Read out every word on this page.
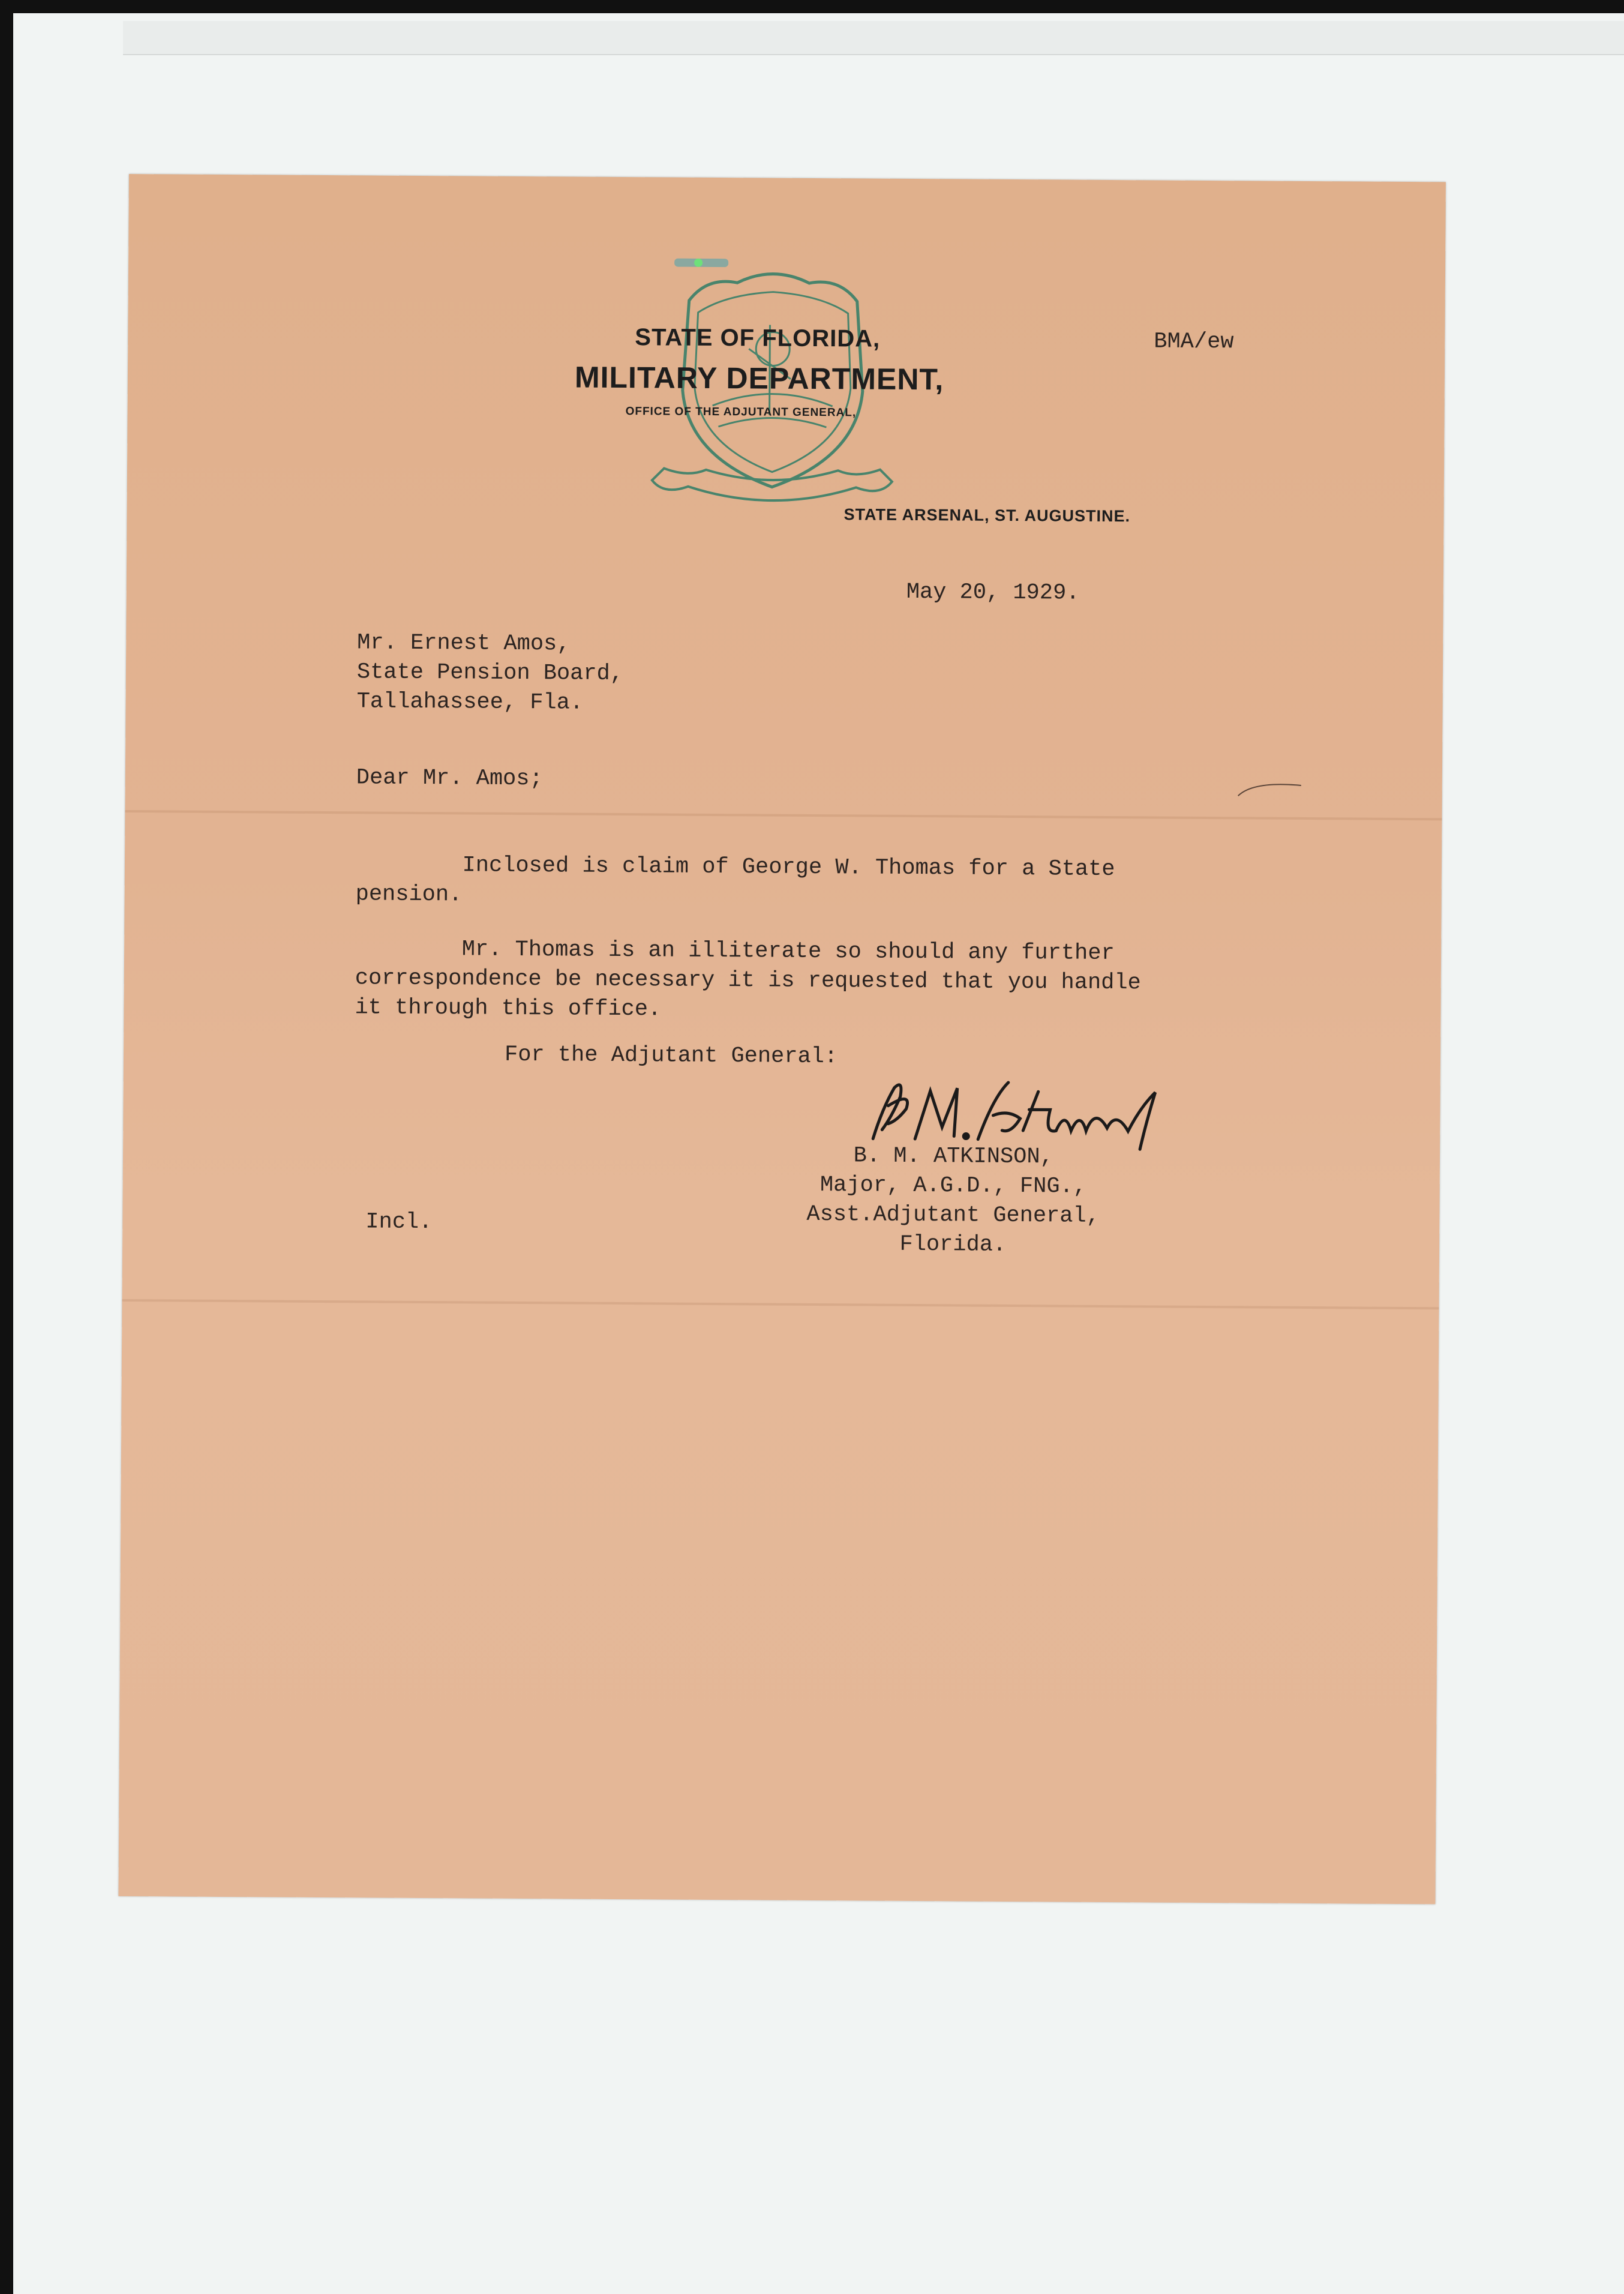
STATE OF FLORIDA,
MILITARY DEPARTMENT,
OFFICE OF THE ADJUTANT GENERAL,
STATE ARSENAL, ST. AUGUSTINE.
BMA/ew
May 20, 1929.
Mr. Ernest Amos,
State Pension Board,
Tallahassee, Fla.
Dear Mr. Amos;
Inclosed is claim of George W. Thomas for a State
pension.
Mr. Thomas is an illiterate so should any further
correspondence be necessary it is requested that you handle
it through this office.
For the Adjutant General:
B. M. ATKINSON,
Major, A.G.D., FNG.,
Asst.Adjutant General,
Florida.
Incl.
